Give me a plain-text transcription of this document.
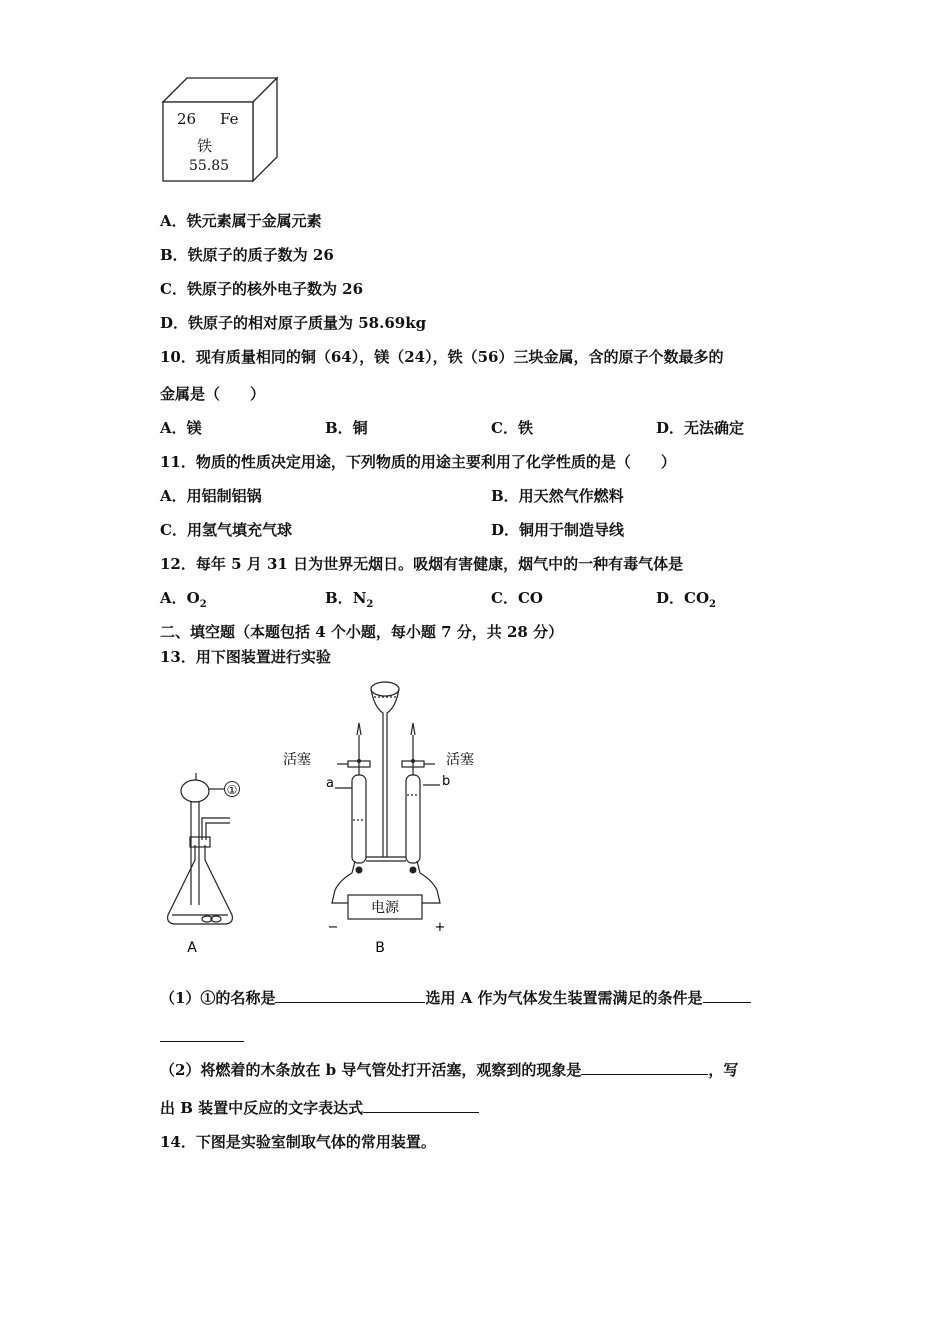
26 Fe
铁
55.85
A．铁元素属于金属元素
B．铁原子的质子数为 26
C．铁原子的核外电子数为 26
D．铁原子的相对原子质量为 58.69kg
10．现有质量相同的铜（64），镁（24），铁（56）三块金属，含的原子个数最多的
金属是（　　）
A．镁	B．铜	C．铁	D．无法确定
11．物质的性质决定用途，下列物质的用途主要利用了化学性质的是（　　）
A．用铝制铝锅	B．用天然气作燃料
C．用氢气填充气球	D．铜用于制造导线
12．每年 5 月 31 日为世界无烟日。吸烟有害健康，烟气中的一种有毒气体是
A．$O_2$	B．$N_2$	C．CO	D．$CO_2$
二、填空题（本题包括 4 个小题，每小题 7 分，共 28 分）
13．用下图装置进行实验
①
A	B
活塞	活塞
a	b
电源
−	+
（1）①的名称是	选用 A 作为气体发生装置需满足的条件是
（2）将燃着的木条放在 b 导气管处打开活塞，观察到的现象是	，写
出 B 装置中反应的文字表达式
14．下图是实验室制取气体的常用装置。
